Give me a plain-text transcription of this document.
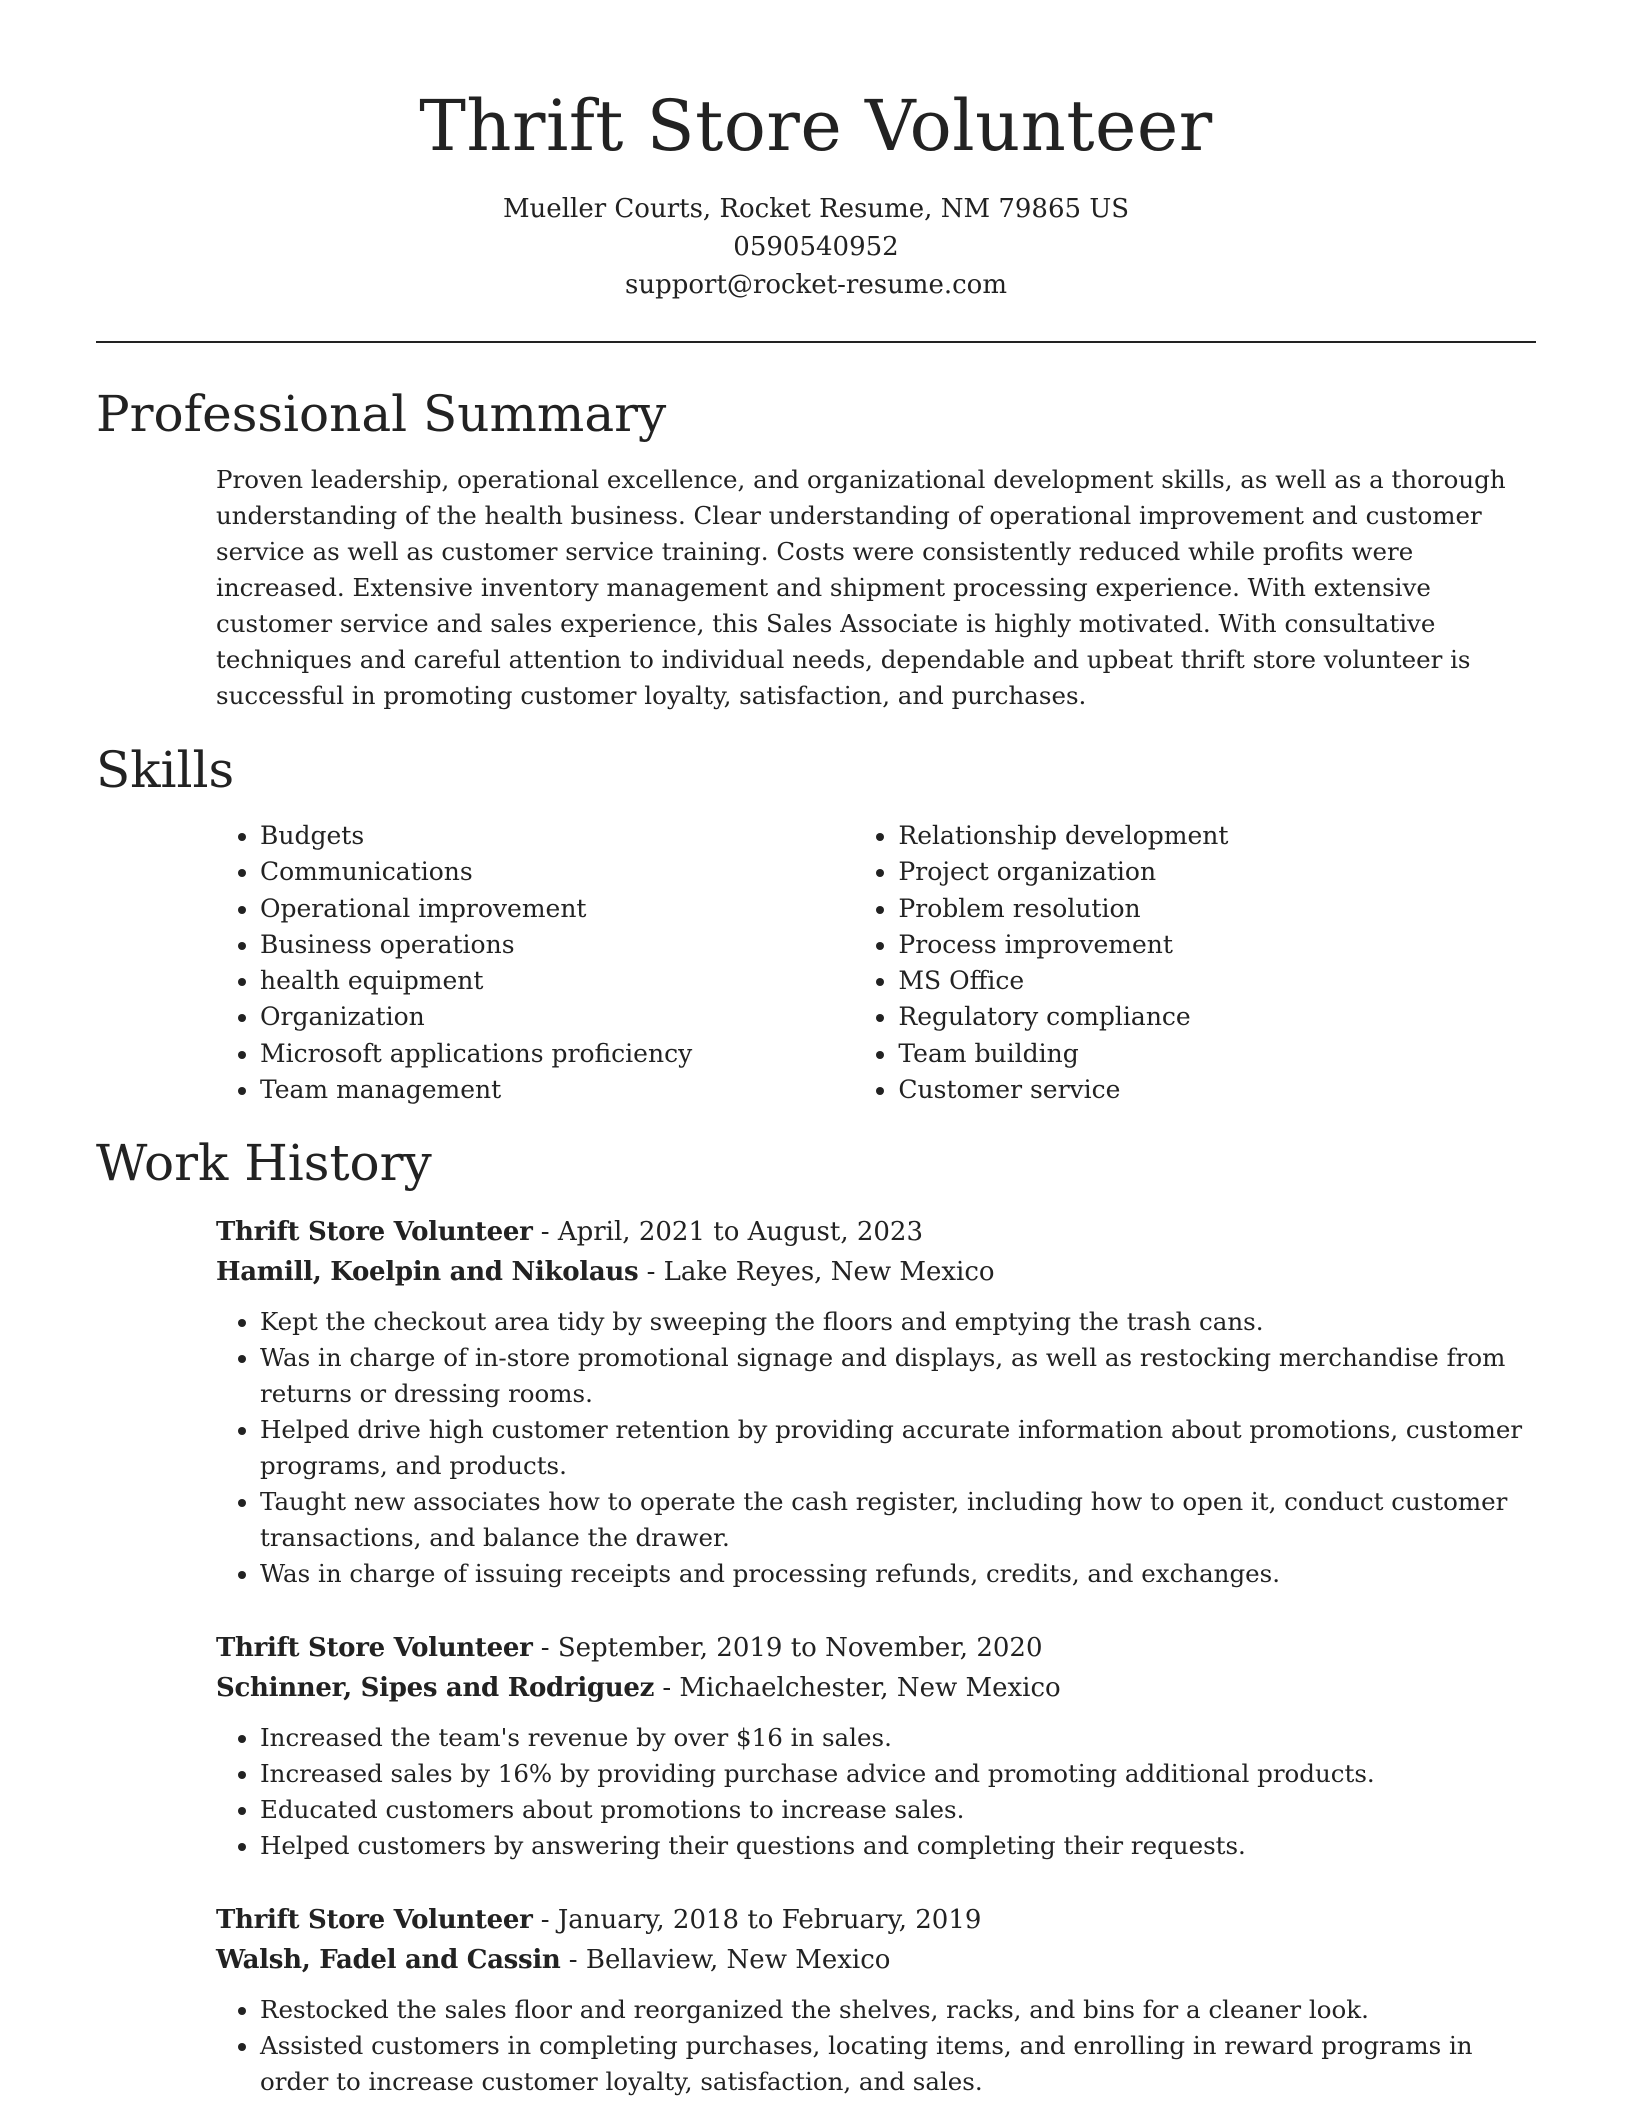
Thrift Store Volunteer
Mueller Courts, Rocket Resume, NM 79865 US
0590540952
support@rocket-resume.com
Professional Summary

Proven leadership, operational excellence, and organizational development skills, as well as a thorough understanding of the health business. Clear understanding of operational improvement and customer service as well as customer service training. Costs were consistently reduced while profits were increased. Extensive inventory management and shipment processing experience. With extensive customer service and sales experience, this Sales Associate is highly motivated. With consultative techniques and careful attention to individual needs, dependable and upbeat thrift store volunteer is successful in promoting customer loyalty, satisfaction, and purchases.

Skills
• Budgets
• Communications
• Operational improvement
• Business operations
• health equipment
• Organization
• Microsoft applications proficiency
• Team management
• Relationship development
• Project organization
• Problem resolution
• Process improvement
• MS Office
• Regulatory compliance
• Team building
• Customer service
Work History

Thrift Store Volunteer - April, 2021 to August, 2023

Hamill, Koelpin and Nikolaus - Lake Reyes, New Mexico

• Kept the checkout area tidy by sweeping the floors and emptying the trash cans.
• Was in charge of in-store promotional signage and displays, as well as restocking merchandise from returns or dressing rooms.
• Helped drive high customer retention by providing accurate information about promotions, customer programs, and products.
• Taught new associates how to operate the cash register, including how to open it, conduct customer transactions, and balance the drawer.
• Was in charge of issuing receipts and processing refunds, credits, and exchanges.

Thrift Store Volunteer - September, 2019 to November, 2020

Schinner, Sipes and Rodriguez - Michaelchester, New Mexico

• Increased the team's revenue by over $16 in sales.
• Increased sales by 16% by providing purchase advice and promoting additional products.
• Educated customers about promotions to increase sales.
• Helped customers by answering their questions and completing their requests.

Thrift Store Volunteer - January, 2018 to February, 2019

Walsh, Fadel and Cassin - Bellaview, New Mexico

• Restocked the sales floor and reorganized the shelves, racks, and bins for a cleaner look.
• Assisted customers in completing purchases, locating items, and enrolling in reward programs in order to increase customer loyalty, satisfaction, and sales.
